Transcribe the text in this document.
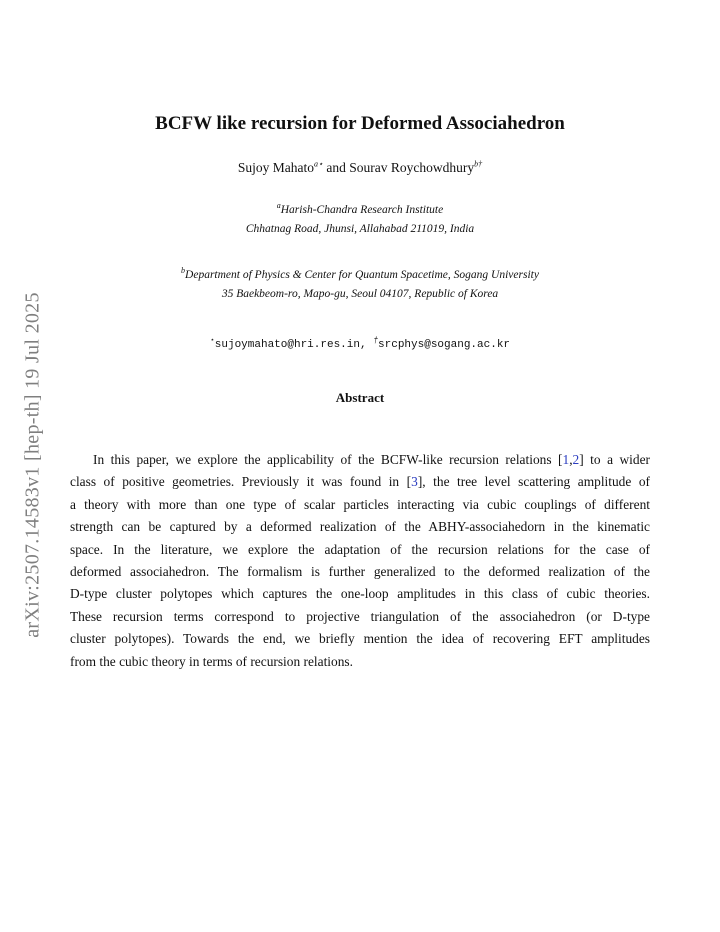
arXiv:2507.14583v1 [hep-th] 19 Jul 2025
BCFW like recursion for Deformed Associahedron
Sujoy Mahato$^{a⋆}$ and Sourav Roychowdhury$^{b\dagger}$
$^a$Harish-Chandra Research Institute
Chhatnag Road, Jhunsi, Allahabad 211019, India
$^b$Department of Physics & Center for Quantum Spacetime, Sogang University
35 Baekbeom-ro, Mapo-gu, Seoul 04107, Republic of Korea
⋆sujoymahato@hri.res.in, †srcphys@sogang.ac.kr
Abstract
In this paper, we explore the applicability of the BCFW-like recursion relations [1,2] to a wider
class of positive geometries. Previously it was found in [3], the tree level scattering amplitude of
a theory with more than one type of scalar particles interacting via cubic couplings of different
strength can be captured by a deformed realization of the ABHY-associahedorn in the kinematic
space. In the literature, we explore the adaptation of the recursion relations for the case of
deformed associahedron. The formalism is further generalized to the deformed realization of the
D-type cluster polytopes which captures the one-loop amplitudes in this class of cubic theories.
These recursion terms correspond to projective triangulation of the associahedron (or D-type
cluster polytopes). Towards the end, we briefly mention the idea of recovering EFT amplitudes
from the cubic theory in terms of recursion relations.
